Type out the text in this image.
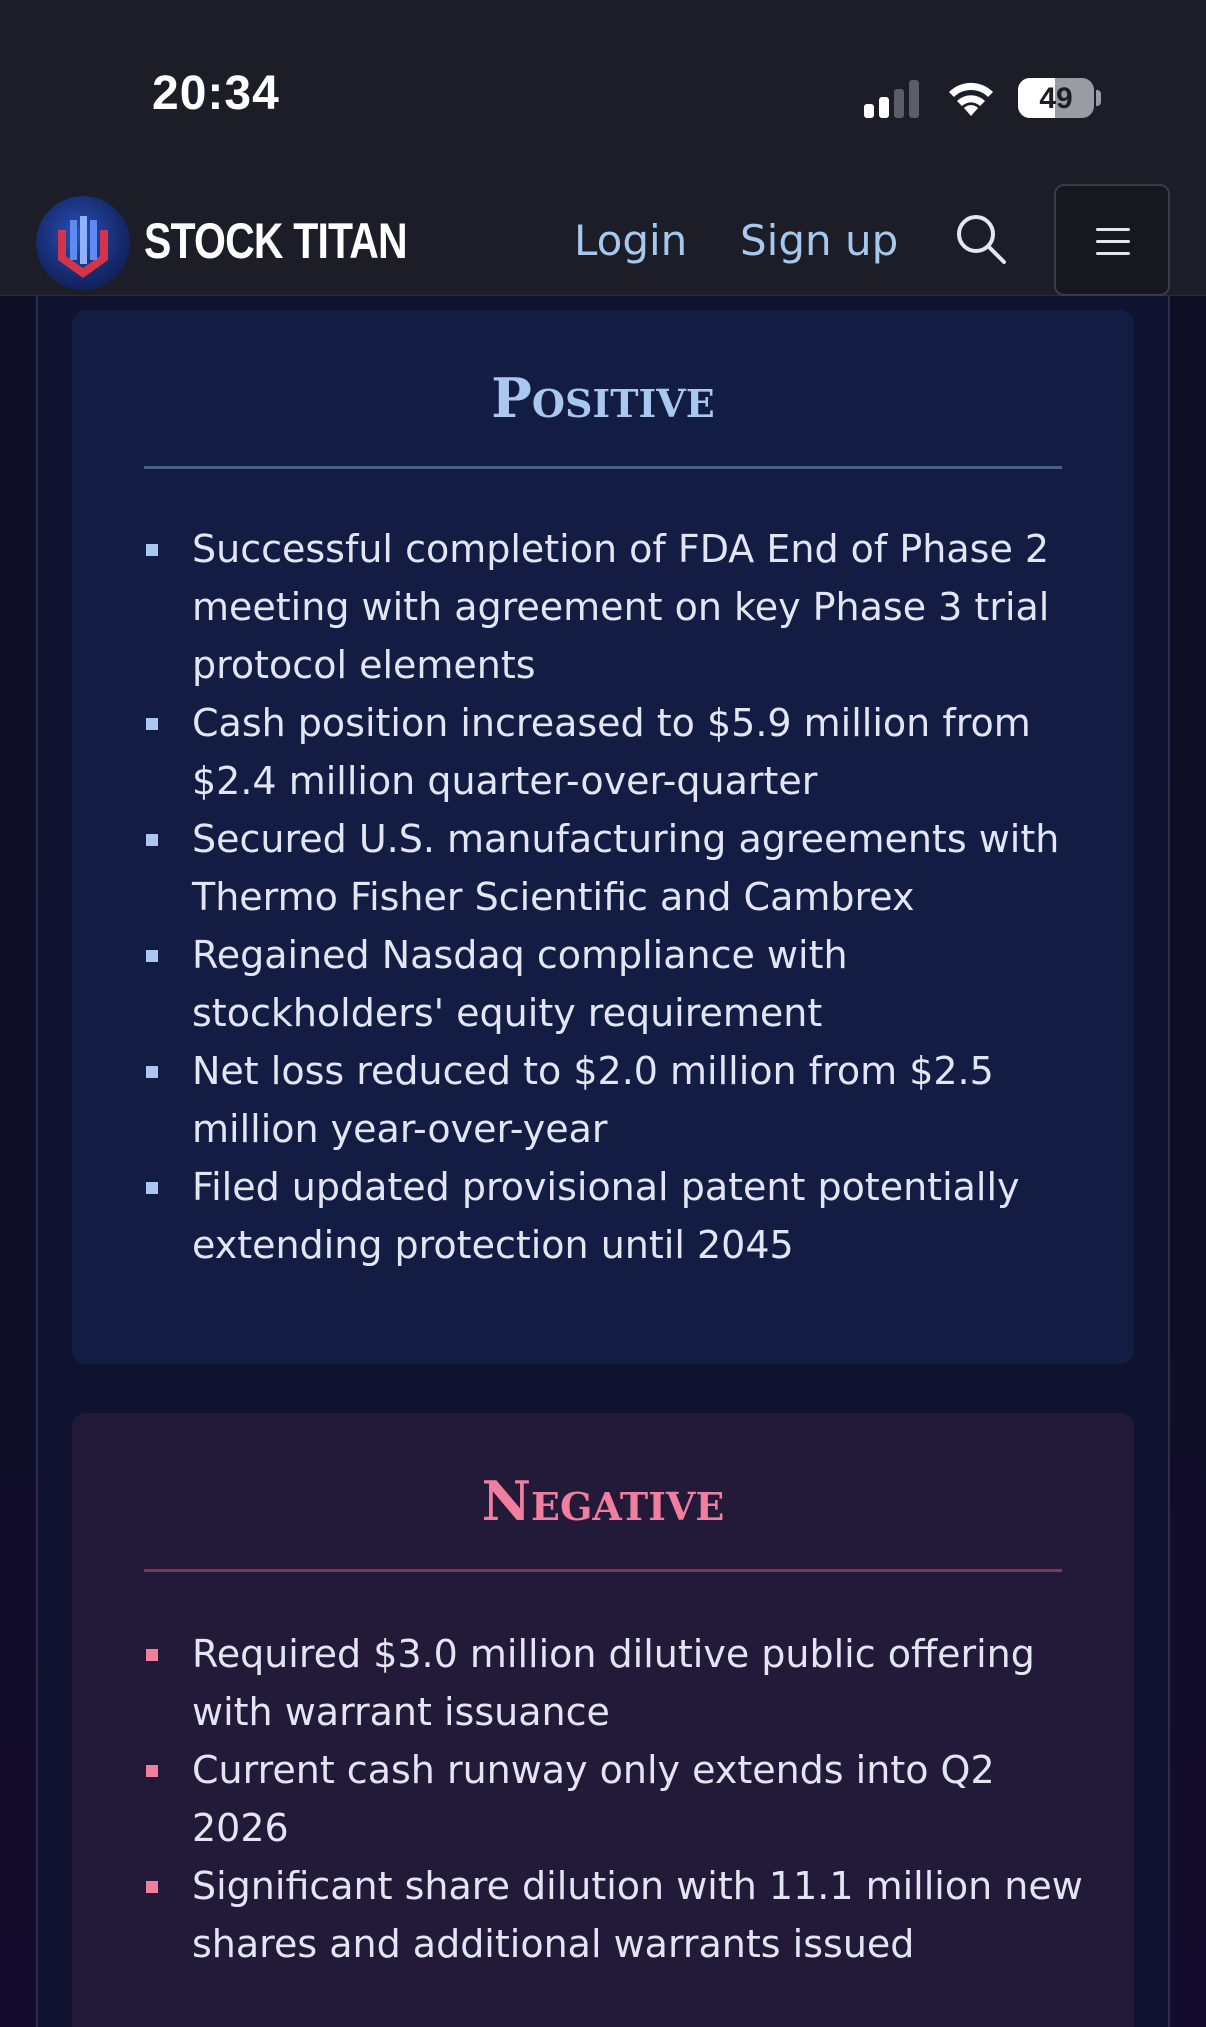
20:34	49
STOCK TITAN	Login Sign up
Positive
Successful completion of FDA End of Phase 2 meeting with agreement on key Phase 3 trial protocol elements
Cash position increased to $5.9 million from $2.4 million quarter-over-quarter
Secured U.S. manufacturing agreements with Thermo Fisher Scientific and Cambrex
Regained Nasdaq compliance with stockholders' equity requirement
Net loss reduced to $2.0 million from $2.5 million year-over-year
Filed updated provisional patent potentially extending protection until 2045
Negative
Required $3.0 million dilutive public offering with warrant issuance
Current cash runway only extends into Q2 2026
Significant share dilution with 11.1 million new shares and additional warrants issued
